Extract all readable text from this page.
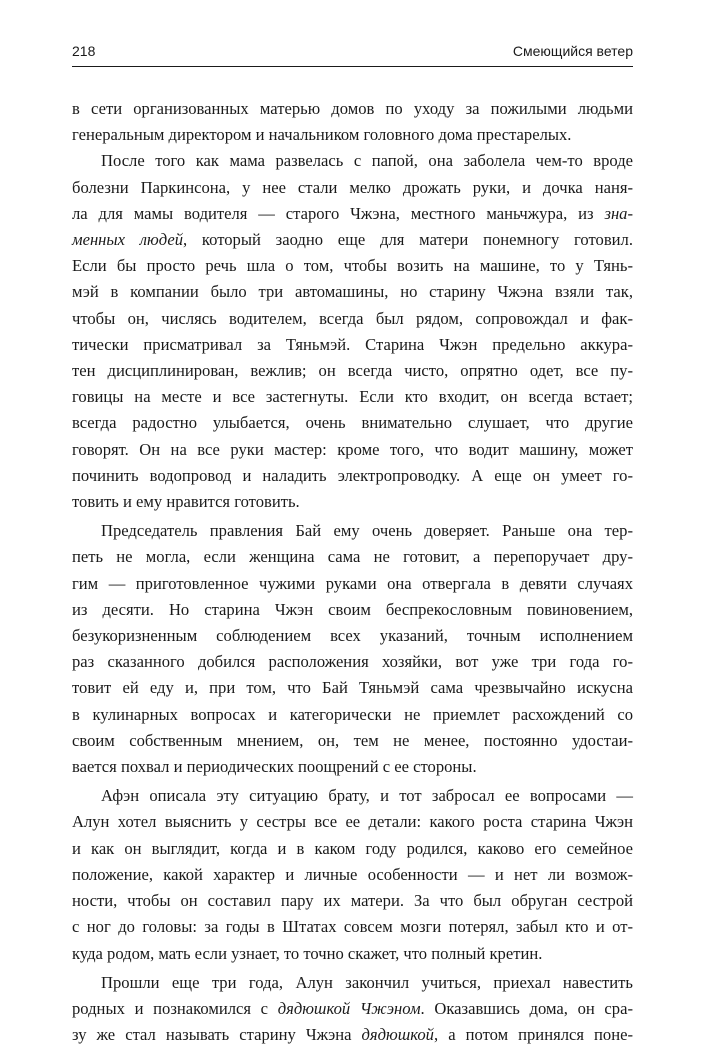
218	Смеющийся ветер

в сети организованных матерью домов по уходу за пожилыми людьми
генеральным директором и начальником головного дома престарелых.

После того как мама развелась с папой, она заболела чем-то вроде
болезни Паркинсона, у нее стали мелко дрожать руки, и дочка наня-
ла для мамы водителя — старого Чжэна, местного маньчжура, из зна-
менных людей, который заодно еще для матери понемногу готовил.
Если бы просто речь шла о том, чтобы возить на машине, то у Тянь-
мэй в компании было три автомашины, но старину Чжэна взяли так,
чтобы он, числясь водителем, всегда был рядом, сопровождал и фак-
тически присматривал за Тяньмэй. Старина Чжэн предельно аккура-
тен дисциплинирован, вежлив; он всегда чисто, опрятно одет, все пу-
говицы на месте и все застегнуты. Если кто входит, он всегда встает;
всегда радостно улыбается, очень внимательно слушает, что другие
говорят. Он на все руки мастер: кроме того, что водит машину, может
починить водопровод и наладить электропроводку. А еще он умеет го-
товить и ему нравится готовить.

Председатель правления Бай ему очень доверяет. Раньше она тер-
петь не могла, если женщина сама не готовит, а перепоручает дру-
гим — приготовленное чужими руками она отвергала в девяти случаях
из десяти. Но старина Чжэн своим беспрекословным повиновением,
безукоризненным соблюдением всех указаний, точным исполнением
раз сказанного добился расположения хозяйки, вот уже три года го-
товит ей еду и, при том, что Бай Тяньмэй сама чрезвычайно искусна
в кулинарных вопросах и категорически не приемлет расхождений со
своим собственным мнением, он, тем не менее, постоянно удостаи-
вается похвал и периодических поощрений с ее стороны.

Афэн описала эту ситуацию брату, и тот забросал ее вопросами —
Алун хотел выяснить у сестры все ее детали: какого роста старина Чжэн
и как он выглядит, когда и в каком году родился, каково его семейное
положение, какой характер и личные особенности — и нет ли возмож-
ности, чтобы он составил пару их матери. За что был обруган сестрой
с ног до головы: за годы в Штатах совсем мозги потерял, забыл кто и от-
куда родом, мать если узнает, то точно скажет, что полный кретин.

Прошли еще три года, Алун закончил учиться, приехал навестить
родных и познакомился с дядюшкой Чжэном. Оказавшись дома, он сра-
зу же стал называть старину Чжэна дядюшкой, а потом принялся поне-
